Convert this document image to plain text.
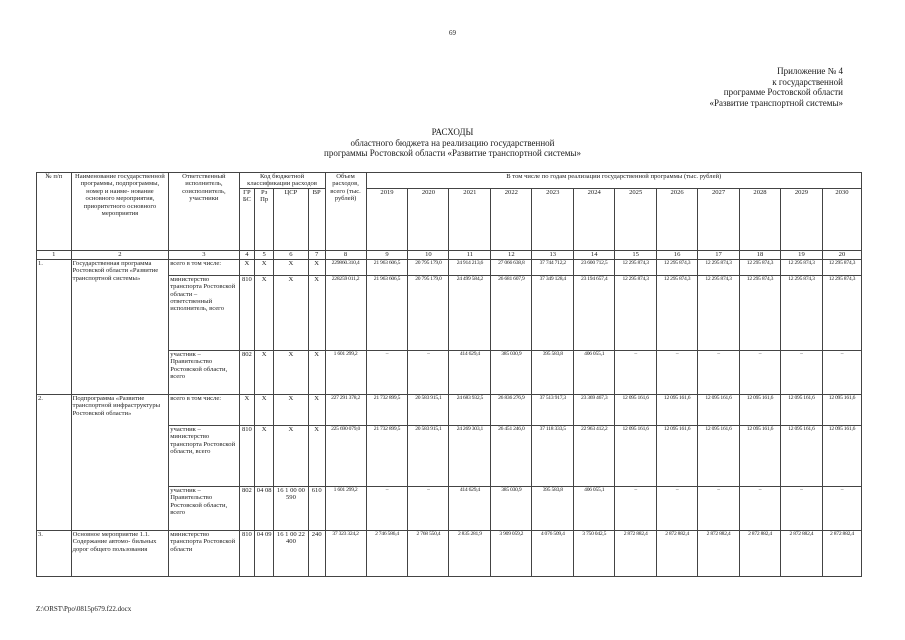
69
Приложение № 4
к государственной
программе Ростовской области
«Развитие транспортной системы»
РАСХОДЫ
областного бюджета на реализацию государственной
программы Ростовской области «Развитие транспортной системы»
№ п/п	Наименование государственной программы, подпрограммы, номер и наиме- нование основного мероприятия, приоритетного основного мероприятия	Ответственный исполнитель, соисполнитель, участники	Код бюджетной классификации расходов				Объем расходов, всего (тыс. рублей)	В том числе по годам реализации государственной программы (тыс. рублей)											
			ГР БС	Рз Пр	ЦСР	ВР		2019	2020	2021	2022	2023	2024	2025	2026	2027	2028	2029	2030

1	2	3	4	5	6	7	8	9	10	11	12	13	14	15	16	17	18	19	20
1.	Государственная программа Ростовской области «Развитие транспортной системы»	всего в том числе:	X	X	X	X	229860.310,4	21 963 606,5	20 795 179,0	24 914 213,6	27 066 638,8	37 744 712,2	23 600 712,5	12 295 874,3	12 295 874,3	12 295 874,3	12 295 874,3	12 295 874,3	12 295 874,3
		министерство транспорта Ростовской области – ответственный исполнитель, всего	810	X	X	X	228259 011,2	21 963 606,5	20 795 179,0	24 499 584,2	26 681 607,9	37 349 128,4	23 194 657,4	12 295 874,3	12 295 874,3	12 295 874,3	12 295 874,3	12 295 874,3	12 295 874,3
		участник – Правительство Ростовской области, всего	802	X	X	X	1 601 299,2	–	–	414 629,4	385 030,9	395 583,8	406 055,1	–	–	–	–	–	–
2.	Подпрограмма «Развитие транспортной инфраструктуры Ростовской области»	всего в том числе:	X	X	X	X	227 291 378,2	21 732 899,5	20 583 915,1	24 683 932,5	26 836 276,9	37 513 917,3	23 369 467,3	12 095 161,6	12 095 161,6	12 095 161,6	12 095 161,6	12 095 161,6	12 095 161,6
		участник – министерство транспорта Ростовской области, всего	810	X	X	X	225 690 079,0	21 732 899,5	20 583 915,1	24 269 303,1	26 451 246,0	37 118 333,5	22 963 412,2	12 095 161,6	12 095 161,6	12 095 161,6	12 095 161,6	12 095 161,6	12 095 161,6
		участник – Правительство Ростовской области, всего	802	04 08	16 1 00 00 590	610	1 601 299,2	–	–	414 629,4	385 030,9	395 583,8	406 055,1	–	–	–	–	–	–
3.	Основное мероприятие 1.1. Содержание автомо- бильных дорог общего пользования	министерство транспорта Ростовской области	810	04 09	16 1 00 22 400	240	37 323 324,2	2 746 586,4	2 768 550,4	2 835 281,9	3 909 059,2	4 076 509,4	3 750 042,5	2 872 882,4	2 872 882,4	2 872 882,4	2 872 882,4	2 872 882,4	2 872 882,4
Z:\ORST\Ppo\0815p679.f22.docx
